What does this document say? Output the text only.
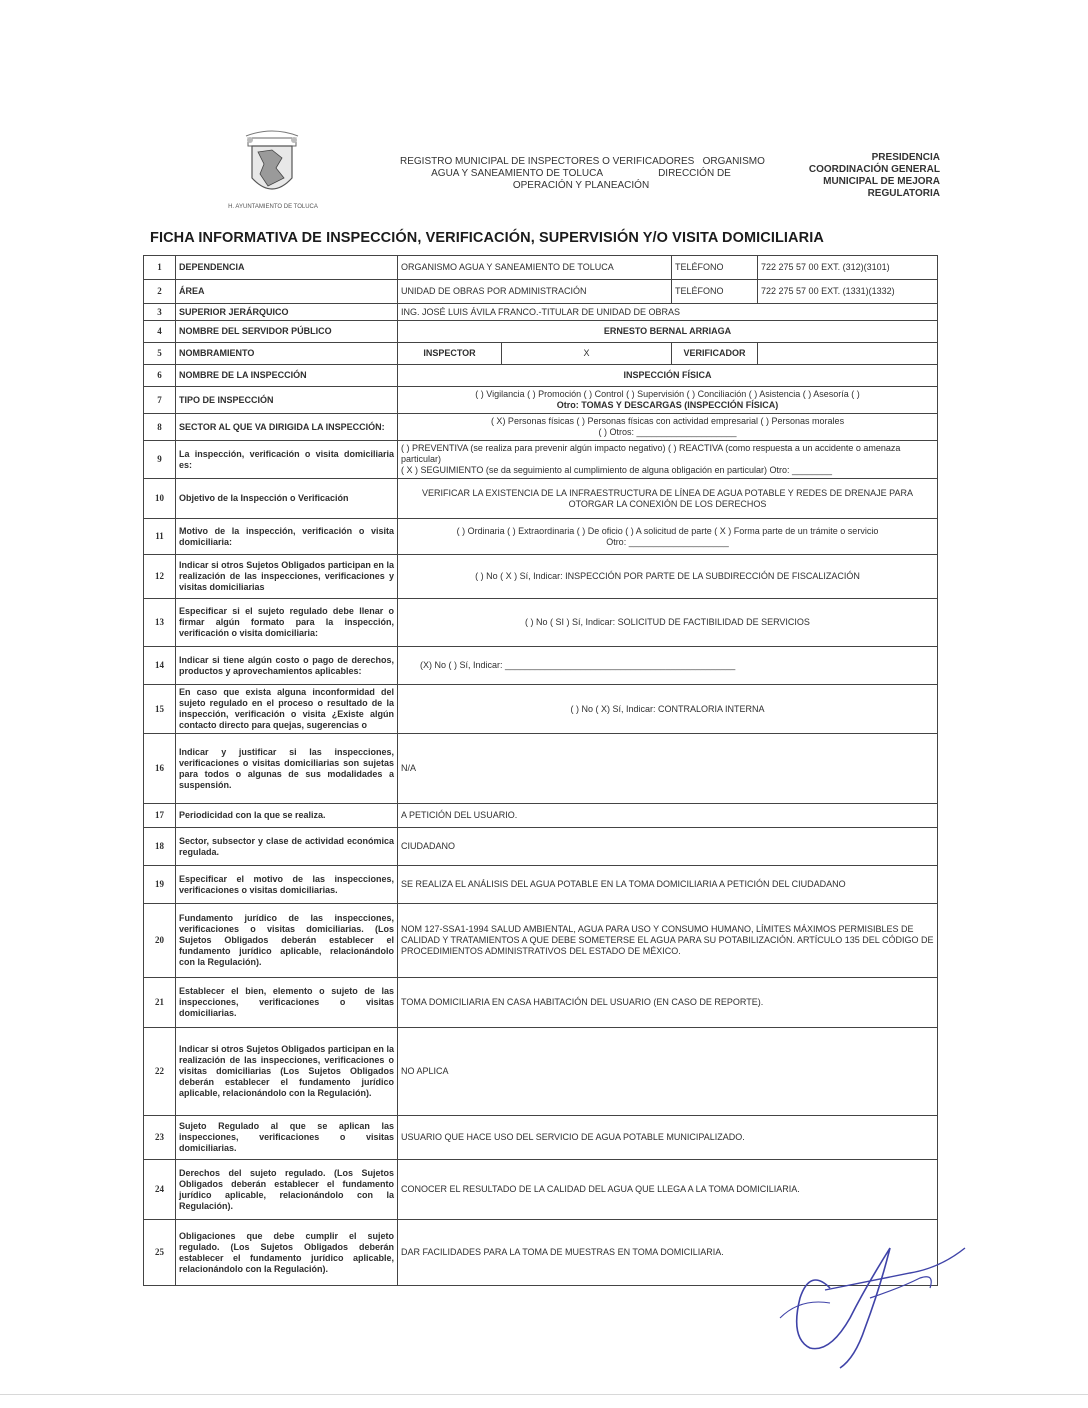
H. AYUNTAMIENTO DE TOLUCA
REGISTRO MUNICIPAL DE INSPECTORES O VERIFICADORES   ORGANISMO
AGUA Y SANEAMIENTO DE TOLUCA                    DIRECCIÓN DE
OPERACIÓN Y PLANEACIÓN
PRESIDENCIA
COORDINACIÓN GENERAL
MUNICIPAL DE MEJORA
REGULATORIA
FICHA INFORMATIVA DE INSPECCIÓN, VERIFICACIÓN, SUPERVISIÓN Y/O VISITA DOMICILIARIA
1	DEPENDENCIA	ORGANISMO AGUA Y SANEAMIENTO DE TOLUCA		TELÉFONO	722 275 57 00 EXT. (312)(3101)
2	ÁREA	UNIDAD DE OBRAS POR ADMINISTRACIÓN		TELÉFONO	722 275 57 00 EXT. (1331)(1332)
3	SUPERIOR JERÁRQUICO	ING. JOSÉ LUIS ÁVILA FRANCO.-TITULAR DE UNIDAD DE OBRAS			
4	NOMBRE DEL SERVIDOR PÚBLICO	ERNESTO BERNAL ARRIAGA			
5	NOMBRAMIENTO	INSPECTOR	X	VERIFICADOR	
6	NOMBRE DE LA INSPECCIÓN	INSPECCIÓN FÍSICA			
7	TIPO DE INSPECCIÓN	( ) Vigilancia ( ) Promoción ( ) Control ( ) Supervisión ( ) Conciliación ( ) Asistencia ( ) Asesoría ( )
Otro: TOMAS Y DESCARGAS (INSPECCIÓN FÍSICA)			

8	SECTOR AL QUE VA DIRIGIDA LA INSPECCIÓN:	( X) Personas físicas ( ) Personas físicas con actividad empresarial ( ) Personas morales
( ) Otros: ____________________			

9	La inspección, verificación o visita domiciliaria es:	( ) PREVENTIVA (se realiza para prevenir algún impacto negativo) ( ) REACTIVA (como respuesta a un accidente o amenaza particular)
( X ) SEGUIMIENTO (se da seguimiento al cumplimiento de alguna obligación en particular) Otro: ________			

10	Objetivo de la Inspección o Verificación	VERIFICAR LA EXISTENCIA DE LA INFRAESTRUCTURA DE LÍNEA DE AGUA POTABLE Y REDES DE DRENAJE PARA OTORGAR LA CONEXIÓN DE LOS DERECHOS			
11	Motivo de la inspección, verificación o visita domiciliaria:	( ) Ordinaria ( ) Extraordinaria ( ) De oficio ( ) A solicitud de parte ( X ) Forma parte de un trámite o servicio
Otro: ____________________			

12	Indicar si otros Sujetos Obligados participan en la realización de las inspecciones, verificaciones y visitas domiciliarias	( ) No ( X ) Sí, Indicar: INSPECCIÓN POR PARTE DE LA SUBDIRECCIÓN DE FISCALIZACIÓN			
13	Especificar si el sujeto regulado debe llenar o firmar algún formato para la inspección, verificación o visita domiciliaria:	( ) No ( SI ) Sí, Indicar: SOLICITUD DE FACTIBILIDAD DE SERVICIOS			
14	Indicar si tiene algún costo o pago de derechos, productos y aprovechamientos aplicables:	(X) No ( ) Sí, Indicar: ______________________________________________			
15	En caso que exista alguna inconformidad del sujeto regulado en el proceso o resultado de la inspección, verificación o visita ¿Existe algún contacto directo para quejas, sugerencias o	( ) No ( X) Sí, Indicar: CONTRALORIA INTERNA			
16	Indicar y justificar si las inspecciones, verificaciones o visitas domiciliarias son sujetas para todos o algunas de sus modalidades a suspensión.	N/A			
17	Periodicidad con la que se realiza.	A PETICIÓN DEL USUARIO.			
18	Sector, subsector y clase de actividad económica regulada.	CIUDADANO			
19	Especificar el motivo de las inspecciones, verificaciones o visitas domiciliarias.	SE REALIZA EL ANÁLISIS DEL AGUA POTABLE EN LA TOMA DOMICILIARIA A PETICIÓN DEL CIUDADANO			
20	Fundamento jurídico de las inspecciones, verificaciones o visitas domiciliarias. (Los Sujetos Obligados deberán establecer el fundamento jurídico aplicable, relacionándolo con la Regulación).	NOM 127-SSA1-1994 SALUD AMBIENTAL, AGUA PARA USO Y CONSUMO HUMANO, LÍMITES MÁXIMOS PERMISIBLES DE CALIDAD Y TRATAMIENTOS A QUE DEBE SOMETERSE EL AGUA PARA SU POTABILIZACIÓN. ARTÍCULO 135 DEL CÓDIGO DE PROCEDIMIENTOS ADMINISTRATIVOS DEL ESTADO DE MÉXICO.			
21	Establecer el bien, elemento o sujeto de las inspecciones, verificaciones o visitas domiciliarias.	TOMA DOMICILIARIA EN CASA HABITACIÓN DEL USUARIO (EN CASO DE REPORTE).			
22	Indicar si otros Sujetos Obligados participan en la realización de las inspecciones, verificaciones o visitas domiciliarias (Los Sujetos Obligados deberán establecer el fundamento jurídico aplicable, relacionándolo con la Regulación).	NO APLICA			
23	Sujeto Regulado al que se aplican las inspecciones, verificaciones o visitas domiciliarias.	USUARIO QUE HACE USO DEL SERVICIO DE AGUA POTABLE MUNICIPALIZADO.			
24	Derechos del sujeto regulado. (Los Sujetos Obligados deberán establecer el fundamento jurídico aplicable, relacionándolo con la Regulación).	CONOCER EL RESULTADO DE LA CALIDAD DEL AGUA QUE LLEGA A LA TOMA DOMICILIARIA.			
25	Obligaciones que debe cumplir el sujeto regulado. (Los Sujetos Obligados deberán establecer el fundamento jurídico aplicable, relacionándolo con la Regulación).	DAR FACILIDADES PARA LA TOMA DE MUESTRAS EN TOMA DOMICILIARIA.			
